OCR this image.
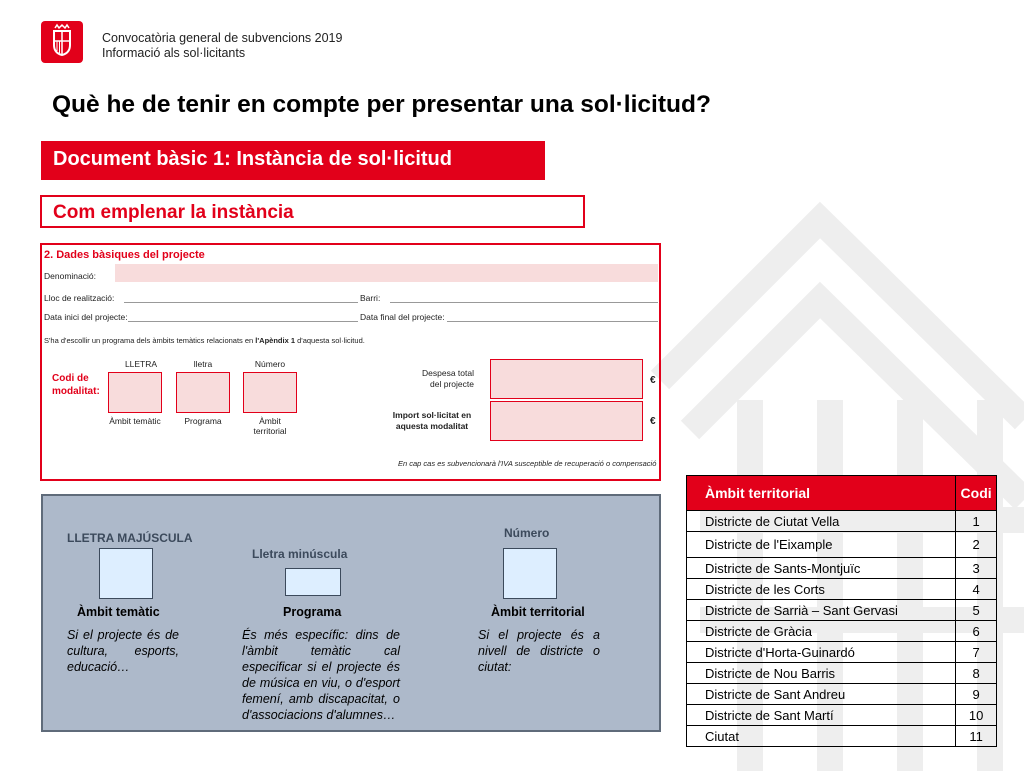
Convocatòria general de subvencions 2019
Informació als sol·licitants
Què he de tenir en compte per presentar una sol·licitud?
Document bàsic 1: Instància de sol·licitud
Com emplenar la instància
2. Dades bàsiques del projecte
Denominació:
Lloc de realització:	Barri:
Data inici del projecte:	Data final del projecte:
S'ha d'escollir un programa dels àmbits temàtics relacionats en l'Apèndix 1 d'aquesta sol·licitud.
LLETRA	lletra	Número
Codi de
modalitat:
Àmbit temàtic	Programa	Àmbit
territorial
Despesa total
del projecte	€
Import sol·licitat en
aquesta modalitat	€
En cap cas es subvencionarà l'IVA susceptible de recuperació o compensació
LLETRA MAJÚSCULA
Àmbit temàtic
Si el projecte és de cultura, esports, educació…
Lletra minúscula
Programa
És més específic: dins de l'àmbit temàtic cal especificar si el projecte és de música en viu, o d'esport femení, amb discapacitat, o d'associacions d'alumnes…
Número
Àmbit territorial
Si el projecte és a nivell de districte o ciutat:
Àmbit territorial	Codi
Districte de Ciutat Vella	1
Districte de l'Eixample	2
Districte de Sants-Montjuïc	3
Districte de les Corts	4
Districte de Sarrià – Sant Gervasi	5
Districte de Gràcia	6
Districte d'Horta-Guinardó	7
Districte de Nou Barris	8
Districte de Sant Andreu	9
Districte de Sant Martí	10
Ciutat	11
